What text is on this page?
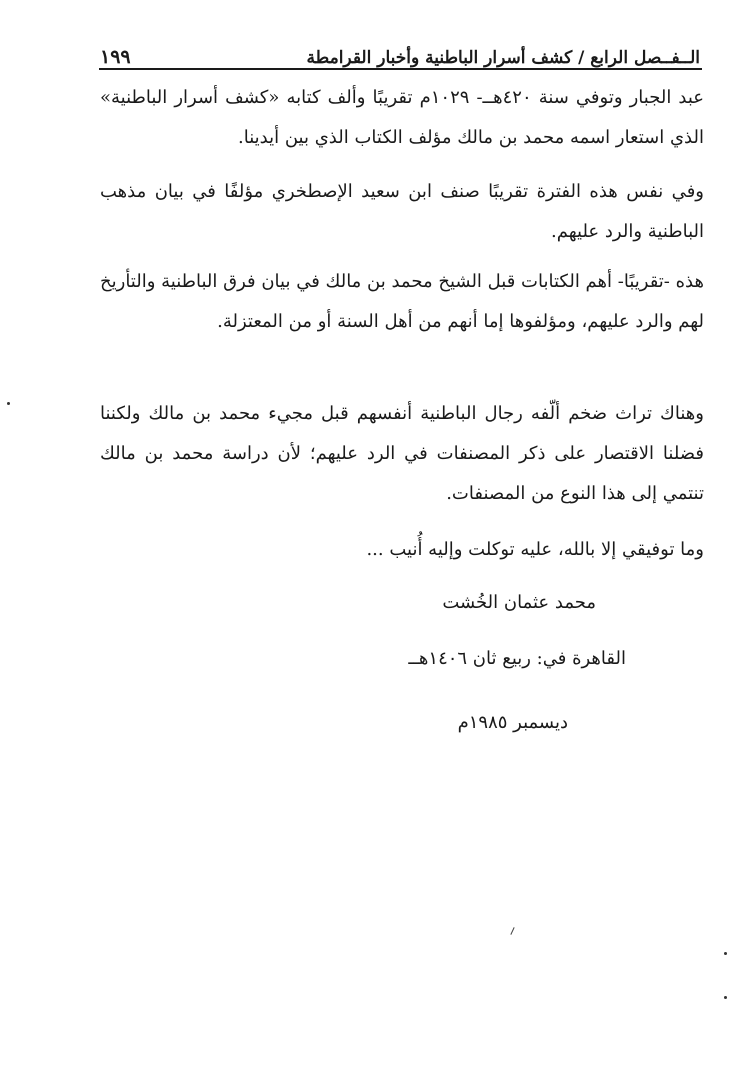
الــفــصل الرابع / كشف أسرار الباطنية وأخبار القرامطة
١٩٩

عبد الجبار وتوفي سنة ٤٢٠هــ- ١٠٢٩م تقريبًا وألف كتابه «كشف أسرار الباطنية» الذي استعار اسمه محمد بن مالك مؤلف الكتاب الذي بين أيدينا.

وفي نفس هذه الفترة تقريبًا صنف ابن سعيد الإصطخري مؤلفًا في بيان مذهب الباطنية والرد عليهم.

هذه -تقريبًا- أهم الكتابات قبل الشيخ محمد بن مالك في بيان فرق الباطنية والتأريخ لهم والرد عليهم، ومؤلفوها إما أنهم من أهل السنة أو من المعتزلة.

وهناك تراث ضخم ألّفه رجال الباطنية أنفسهم قبل مجيء محمد بن مالك ولكننا فضلنا الاقتصار على ذكر المصنفات في الرد عليهم؛ لأن دراسة محمد بن مالك تنتمي إلى هذا النوع من المصنفات.

وما توفيقي إلا بالله، عليه توكلت وإليه أُنيب ...

محمد عثمان الخُشت

القاهرة في: ربيع ثان ١٤٠٦هــ

ديسمبر ١٩٨٥م
